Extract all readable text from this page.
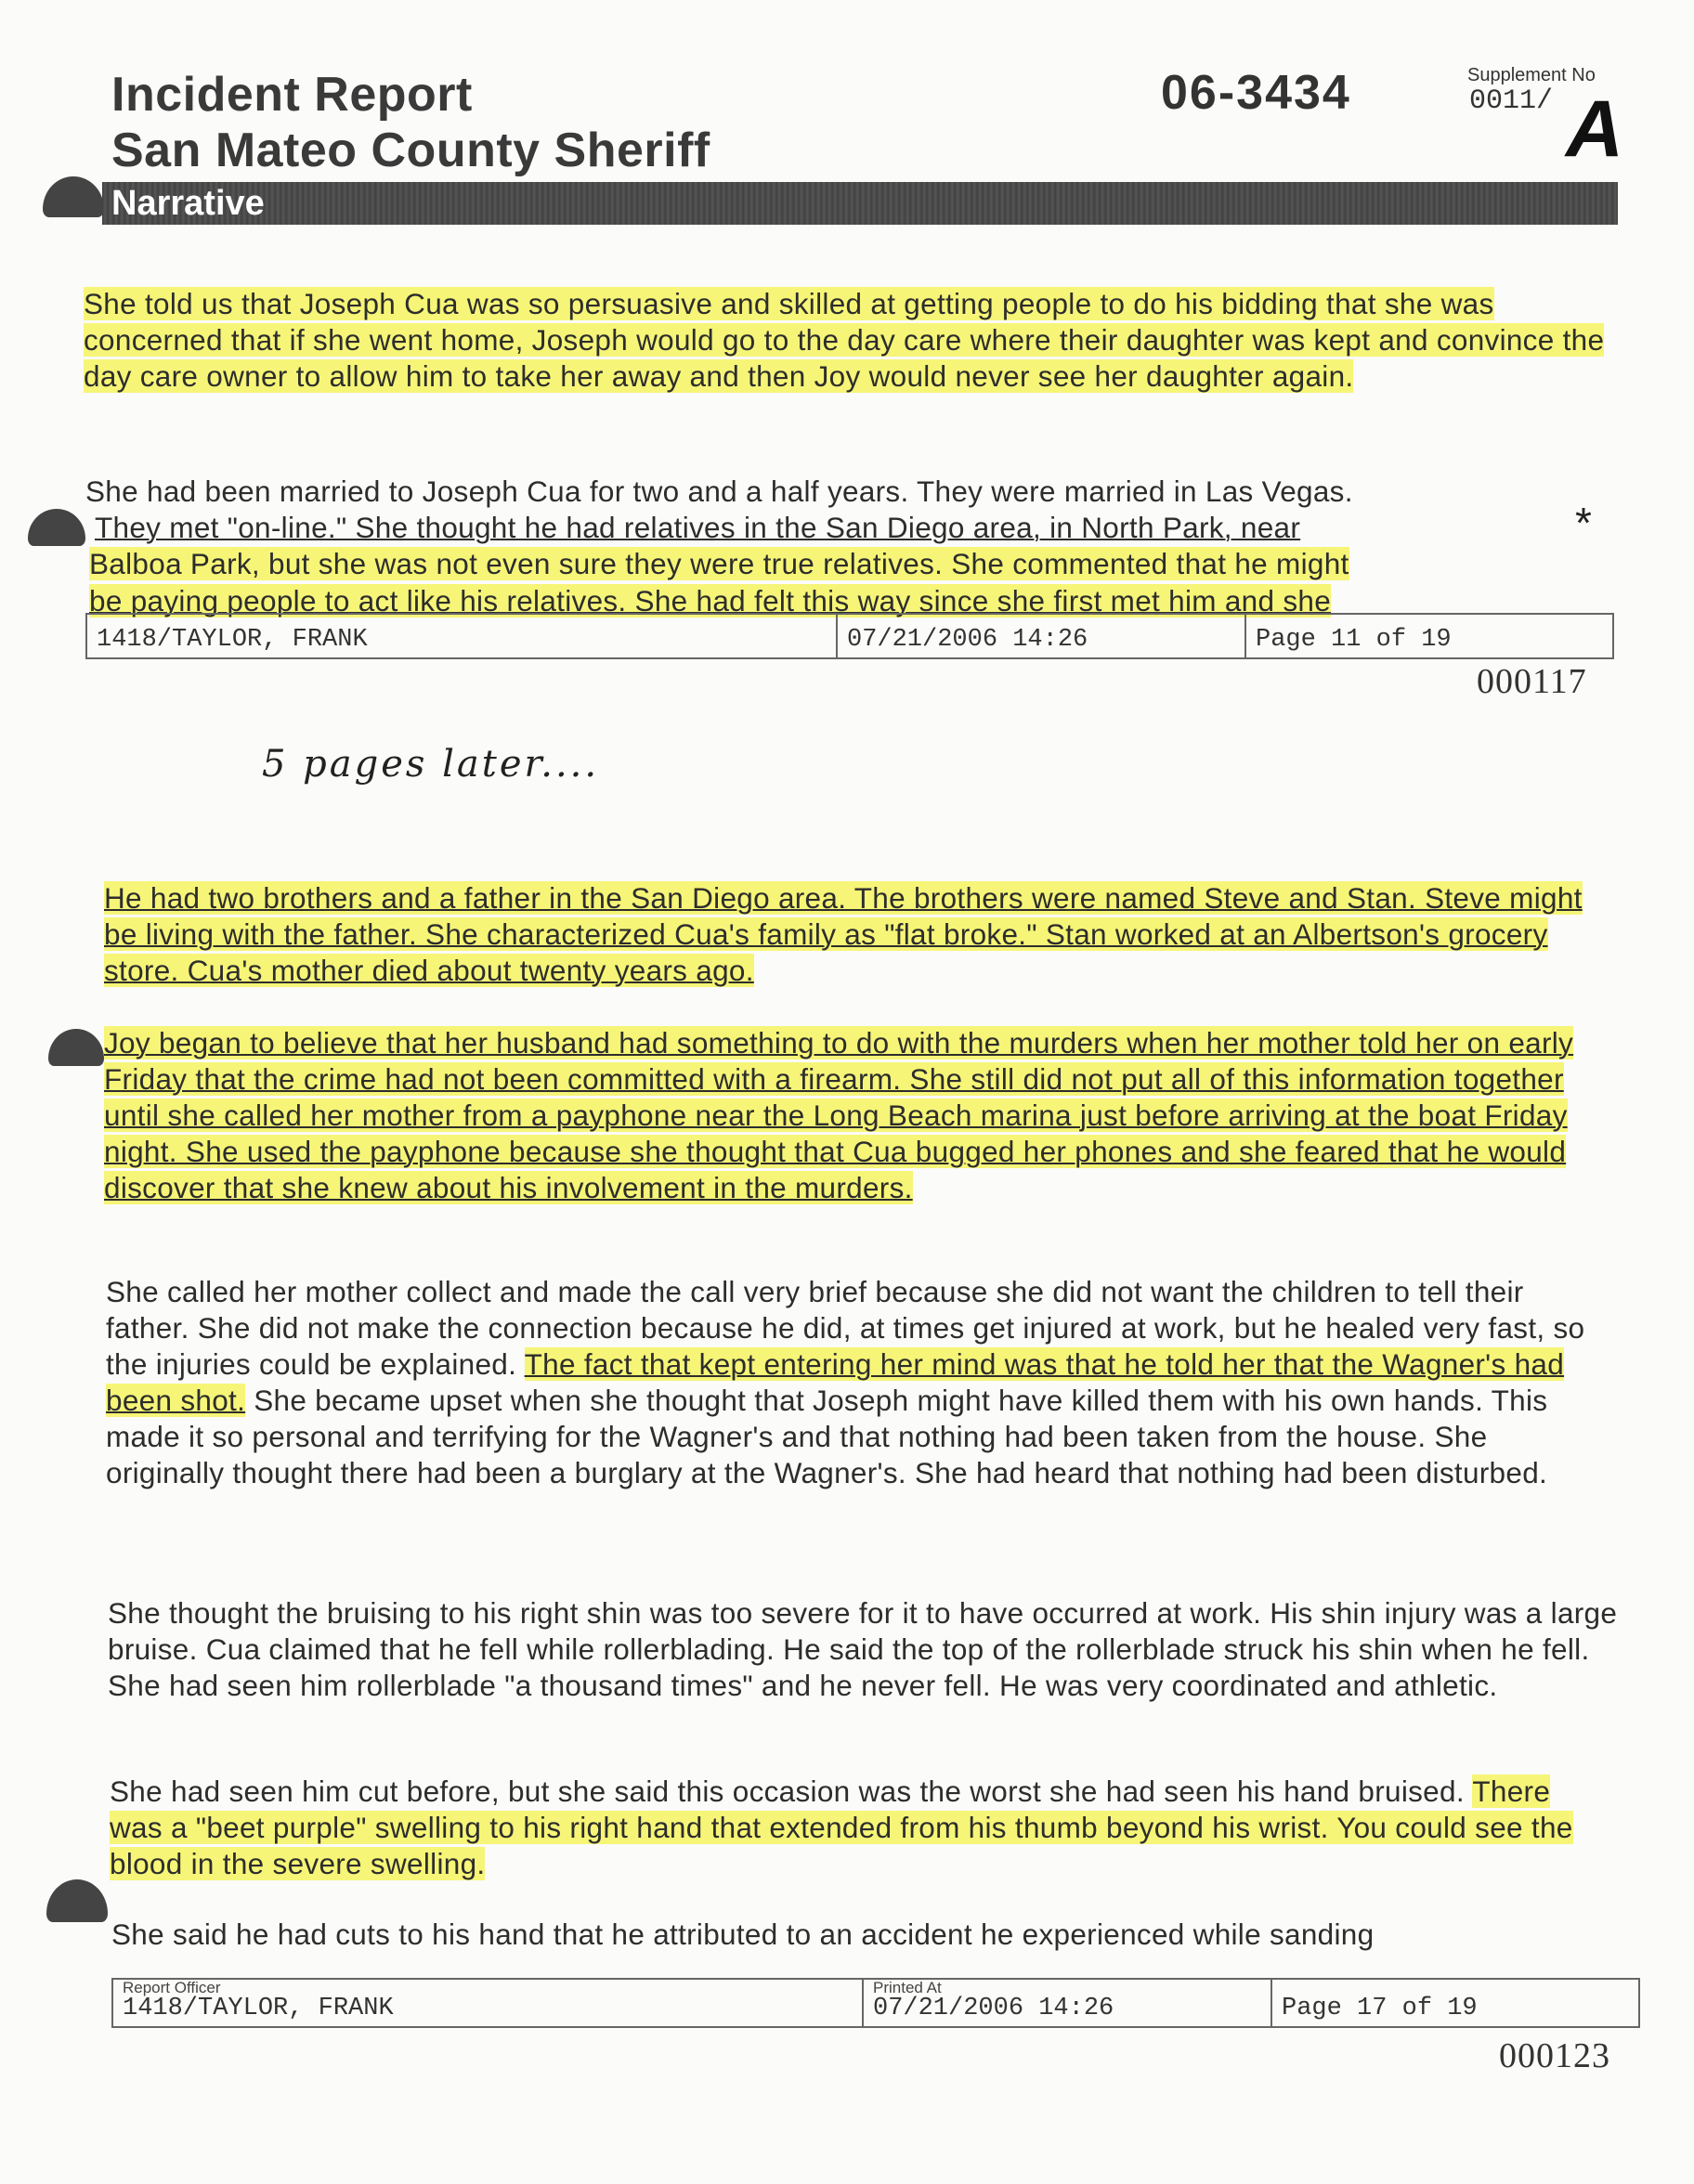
Incident Report
San Mateo County Sheriff
06-3434	Supplement No
0011/ A
Narrative
She told us that Joseph Cua was so persuasive and skilled at getting people to do his bidding that she was concerned that if she went home, Joseph would go to the day care where their daughter was kept and convince the day care owner to allow him to take her away and then Joy would never see her daughter again.
She had been married to Joseph Cua for two and a half years. They were married in Las Vegas.
They met "on-line." She thought he had relatives in the San Diego area, in North Park, near	*
Balboa Park, but she was not even sure they were true relatives. She commented that he might
be paying people to act like his relatives. She had felt this way since she first met him and she
1418/TAYLOR, FRANK	07/21/2006 14:26	Page 11 of 19
000117
5 pages later....
He had two brothers and a father in the San Diego area. The brothers were named Steve and Stan. Steve might be living with the father. She characterized Cua's family as "flat broke." Stan worked at an Albertson's grocery store. Cua's mother died about twenty years ago.
Joy began to believe that her husband had something to do with the murders when her mother told her on early Friday that the crime had not been committed with a firearm. She still did not put all of this information together until she called her mother from a payphone near the Long Beach marina just before arriving at the boat Friday night. She used the payphone because she thought that Cua bugged her phones and she feared that he would discover that she knew about his involvement in the murders.
She called her mother collect and made the call very brief because she did not want the children to tell their father. She did not make the connection because he did, at times get injured at work, but he healed very fast, so the injuries could be explained. The fact that kept entering her mind was that he told her that the Wagner's had been shot. She became upset when she thought that Joseph might have killed them with his own hands. This made it so personal and terrifying for the Wagner's and that nothing had been taken from the house. She originally thought there had been a burglary at the Wagner's. She had heard that nothing had been disturbed.
She thought the bruising to his right shin was too severe for it to have occurred at work. His shin injury was a large bruise. Cua claimed that he fell while rollerblading. He said the top of the rollerblade struck his shin when he fell. She had seen him rollerblade "a thousand times" and he never fell. He was very coordinated and athletic.
She had seen him cut before, but she said this occasion was the worst she had seen his hand bruised. There was a "beet purple" swelling to his right hand that extended from his thumb beyond his wrist. You could see the blood in the severe swelling.
She said he had cuts to his hand that he attributed to an accident he experienced while sanding
Report Officer
1418/TAYLOR, FRANK
Printed At
07/21/2006 14:26	Page 17 of 19
000123
